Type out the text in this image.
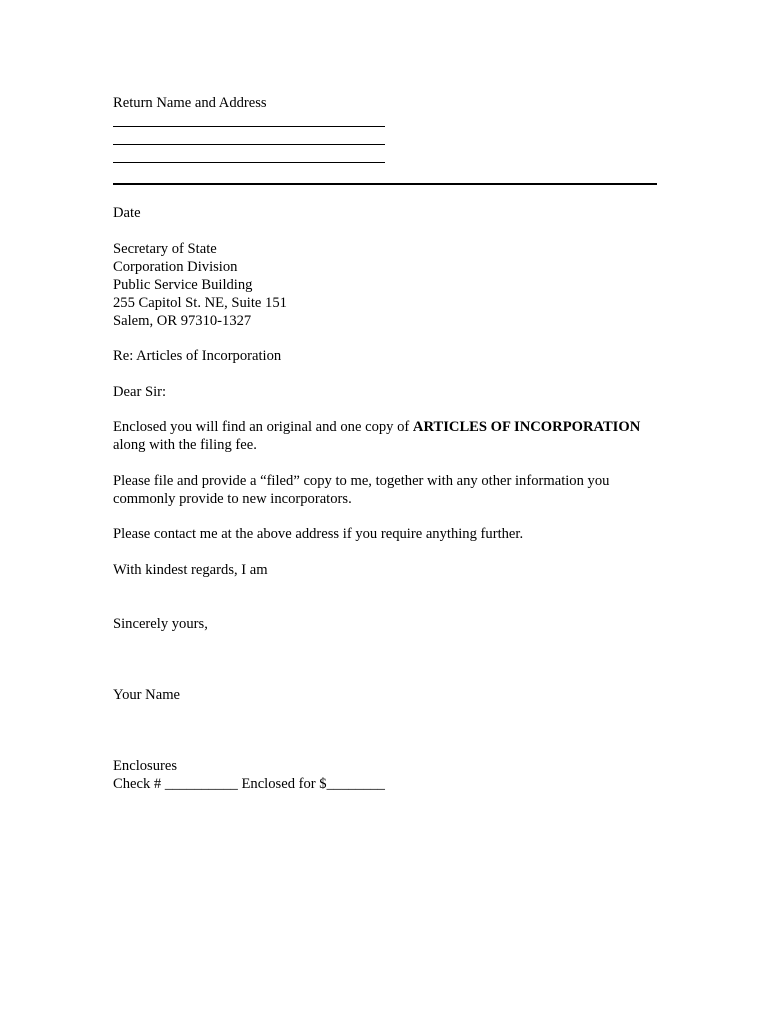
Return Name and Address
Date
Secretary of State
Corporation Division
Public Service Building
255 Capitol St. NE, Suite 151
Salem, OR 97310-1327
Re: Articles of Incorporation
Dear Sir:
Enclosed you will find an original and one copy of ARTICLES OF INCORPORATION
along with the filing fee.
Please file and provide a “filed” copy to me, together with any other information you
commonly provide to new incorporators.
Please contact me at the above address if you require anything further.
With kindest regards, I am
Sincerely yours,
Your Name
Enclosures
Check # __________ Enclosed for $________
